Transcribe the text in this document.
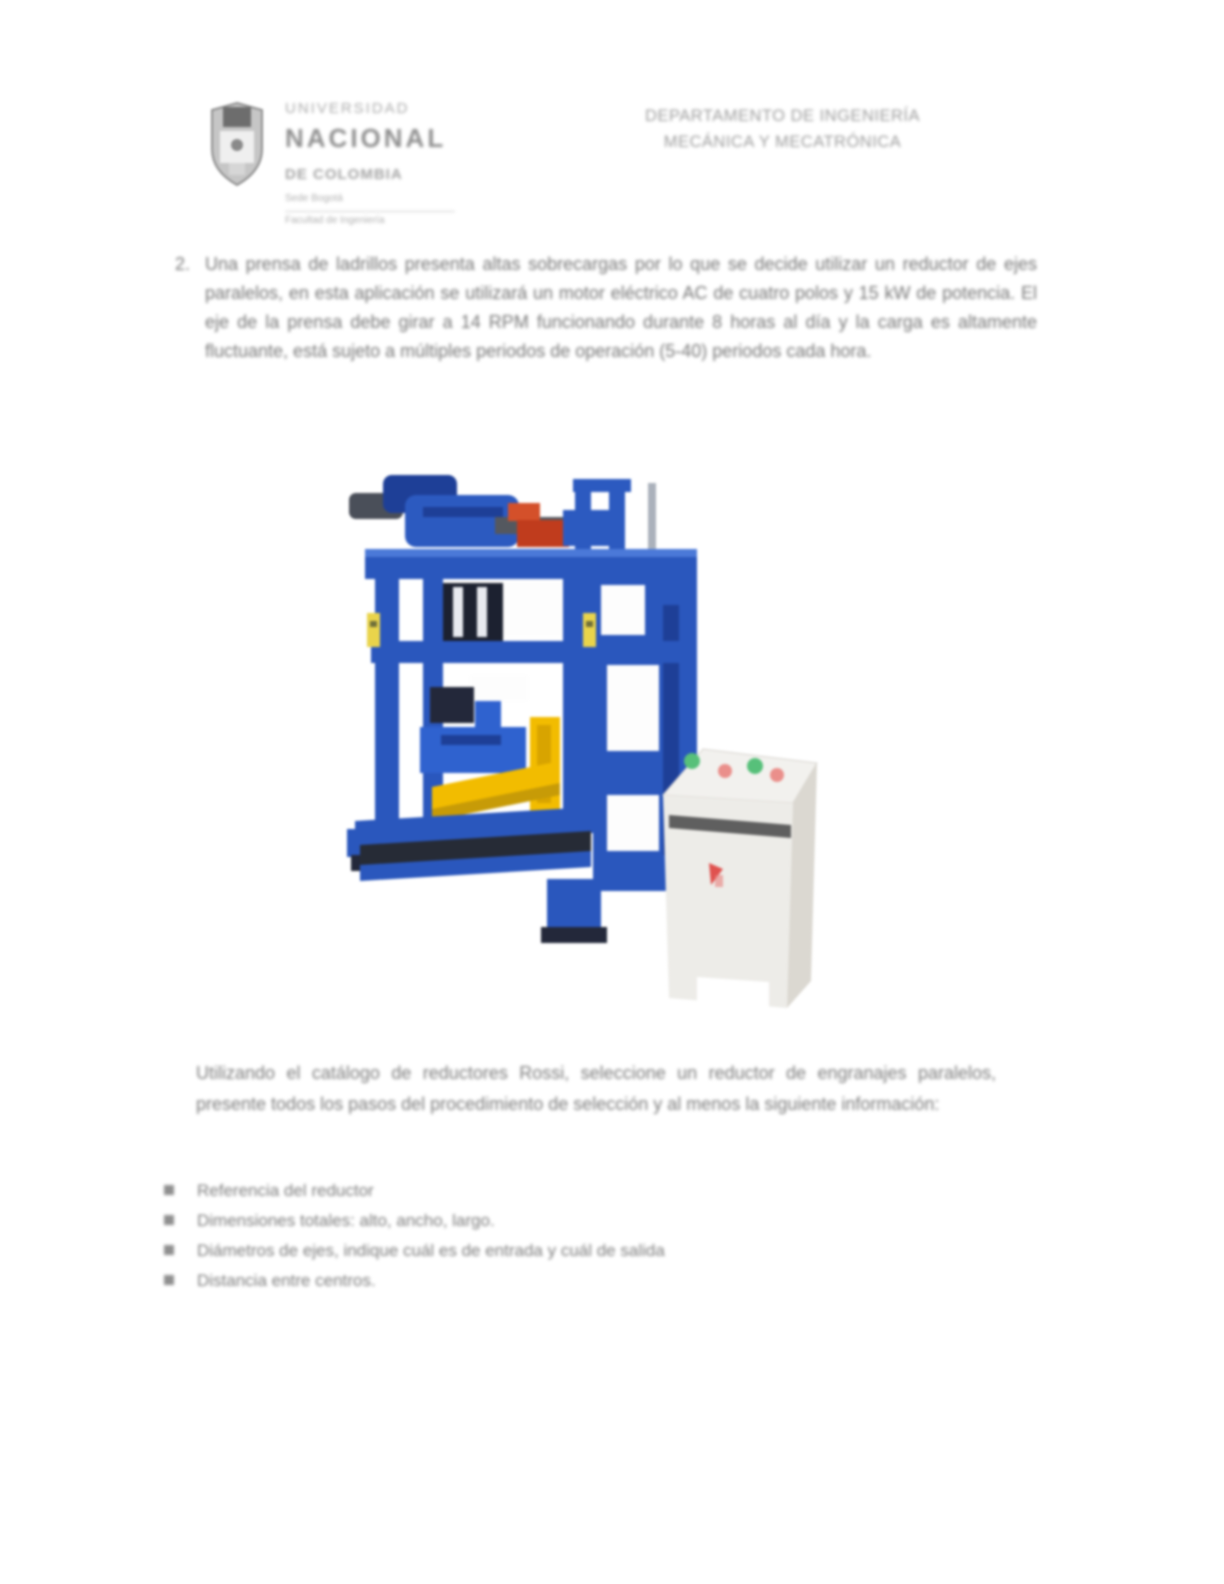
UNIVERSIDAD
NACIONAL
DE COLOMBIA
Sede Bogotá
Facultad de Ingeniería
DEPARTAMENTO DE INGENIERÍA
MECÁNICA Y MECATRÓNICA
2. Una prensa de ladrillos presenta altas sobrecargas por lo que se decide utilizar un reductor de ejes paralelos, en esta aplicación se utilizará un motor eléctrico AC de cuatro polos y 15 kW de potencia. El eje de la prensa debe girar a 14 RPM funcionando durante 8 horas al día y la carga es altamente fluctuante, está sujeto a múltiples periodos de operación (5-40) periodos cada hora.
Utilizando el catálogo de reductores Rossi, seleccione un reductor de engranajes paralelos, presente todos los pasos del procedimiento de selección y al menos la siguiente información:
Referencia del reductor
Dimensiones totales: alto, ancho, largo.
Diámetros de ejes, indique cuál es de entrada y cuál de salida
Distancia entre centros.
